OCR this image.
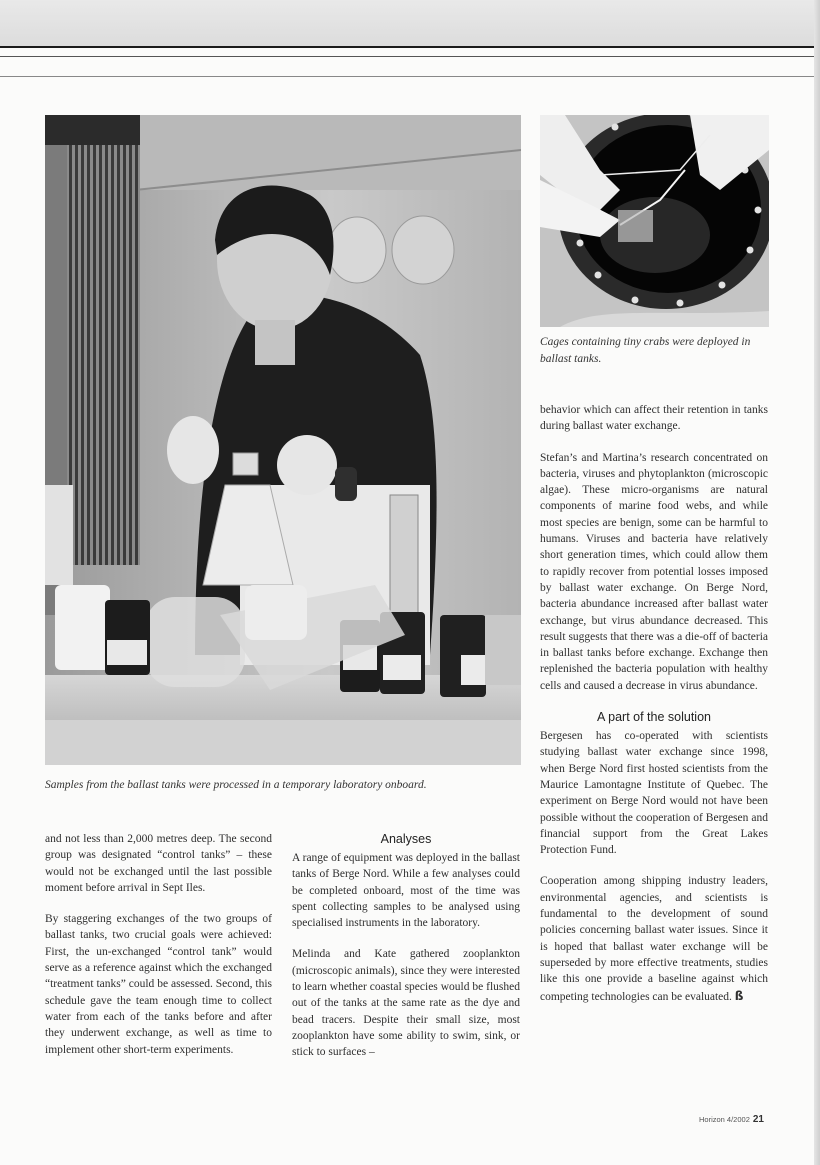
Samples from the ballast tanks were processed in a temporary laboratory onboard.
Cages containing tiny crabs were deployed in ballast tanks.

and not less than 2,000 metres deep. The second group was designated “control tanks” – these would not be exchanged until the last possible moment before arrival in Sept Iles.

By staggering exchanges of the two groups of ballast tanks, two crucial goals were achieved: First, the un-exchanged “control tank” would serve as a reference against which the exchanged “treatment tanks” could be assessed. Second, this schedule gave the team enough time to collect water from each of the tanks before and after they underwent exchange, as well as time to implement other short-term experiments.

Analyses

A range of equipment was deployed in the ballast tanks of Berge Nord. While a few analyses could be completed onboard, most of the time was spent collecting samples to be analysed using specialised instruments in the laboratory.

Melinda and Kate gathered zooplankton (microscopic animals), since they were interested to learn whether coastal species would be flushed out of the tanks at the same rate as the dye and bead tracers. Despite their small size, most zooplankton have some ability to swim, sink, or stick to surfaces –

behavior which can affect their retention in tanks during ballast water exchange.

Stefan’s and Martina’s research concentrated on bacteria, viruses and phytoplankton (microscopic algae). These micro-organisms are natural components of marine food webs, and while most species are benign, some can be harmful to humans. Viruses and bacteria have relatively short generation times, which could allow them to rapidly recover from potential losses imposed by ballast water exchange. On Berge Nord, bacteria abundance increased after ballast water exchange, but virus abundance decreased. This result suggests that there was a die-off of bacteria in ballast tanks before exchange. Exchange then replenished the bacteria population with healthy cells and caused a decrease in virus abundance.

A part of the solution

Bergesen has co-operated with scientists studying ballast water exchange since 1998, when Berge Nord first hosted scientists from the Maurice Lamontagne Institute of Quebec. The experiment on Berge Nord would not have been possible without the cooperation of Bergesen and financial support from the Great Lakes Protection Fund.

Cooperation among shipping industry leaders, environmental agencies, and scientists is fundamental to the development of sound policies concerning ballast water issues. Since it is hoped that ballast water exchange will be superseded by more effective treatments, studies like this one provide a baseline against which competing technologies can be evaluated. ß

Horizon 4/2002 21
